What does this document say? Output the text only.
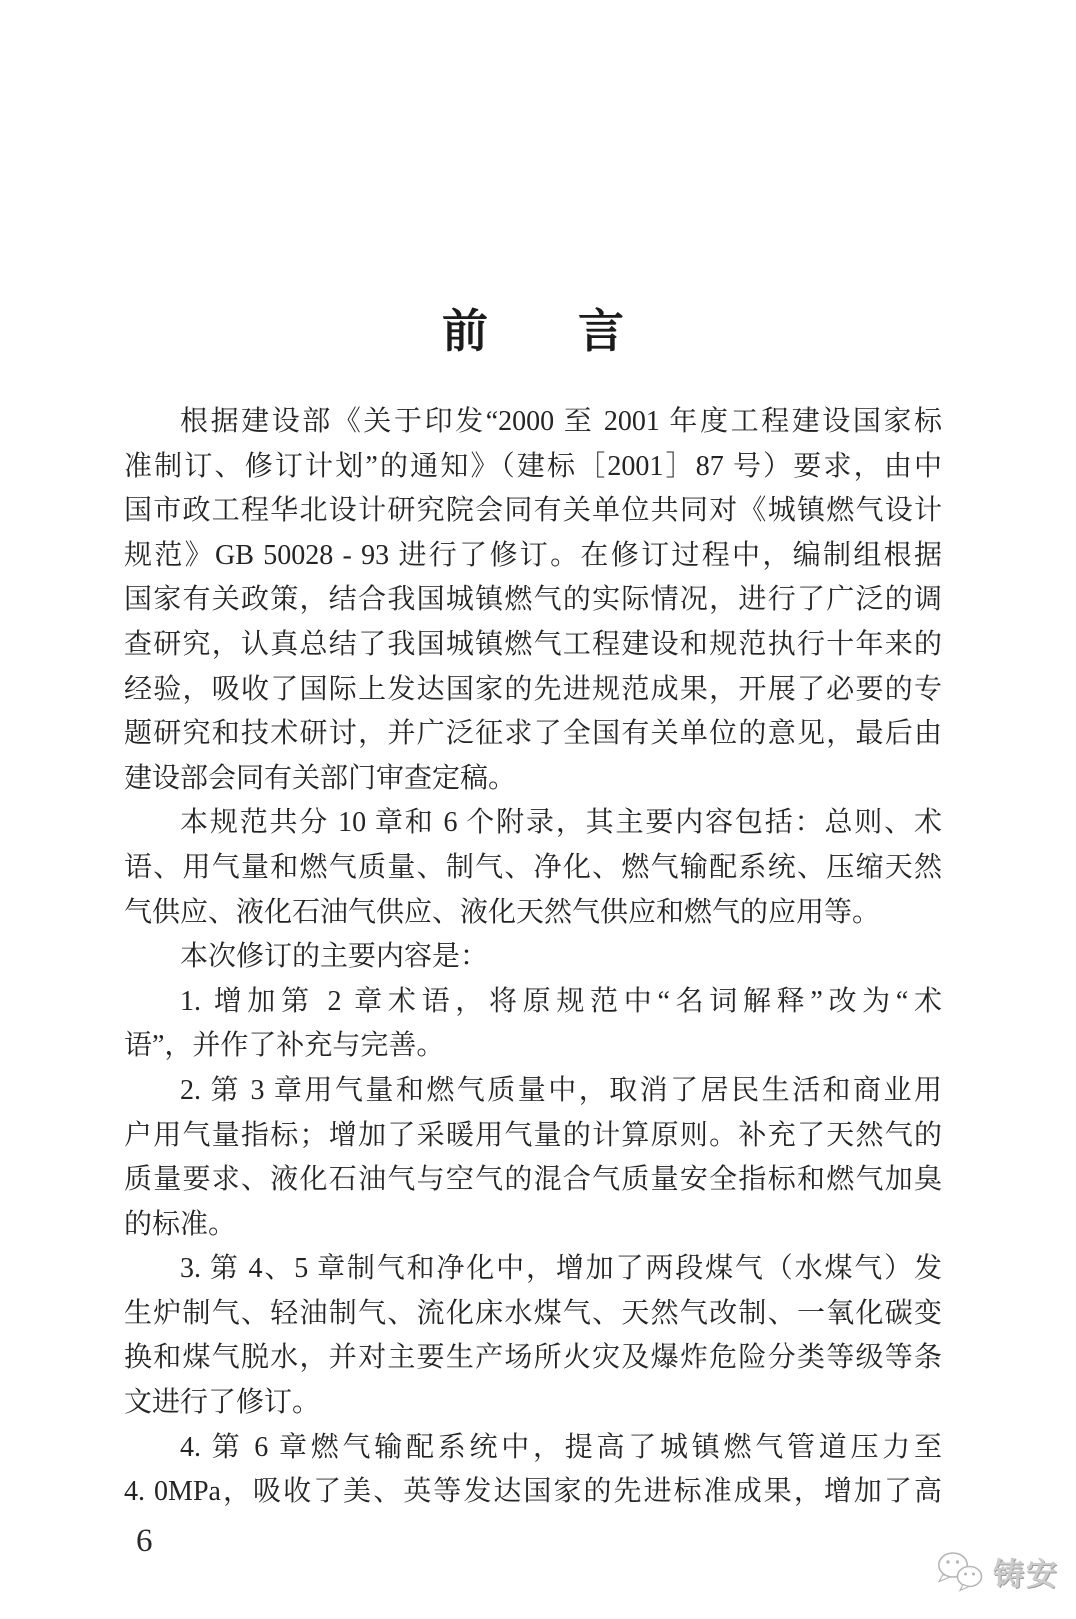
前　言
根据建设部《关于印发“2000 至 2001 年度工程建设国家标
准制订、修订计划”的通知》（建标［2001］87 号）要求，由中
国市政工程华北设计研究院会同有关单位共同对《城镇燃气设计
规范》GB 50028 - 93 进行了修订。在修订过程中，编制组根据
国家有关政策，结合我国城镇燃气的实际情况，进行了广泛的调
查研究，认真总结了我国城镇燃气工程建设和规范执行十年来的
经验，吸收了国际上发达国家的先进规范成果，开展了必要的专
题研究和技术研讨，并广泛征求了全国有关单位的意见，最后由
建设部会同有关部门审查定稿。
本规范共分 10 章和 6 个附录，其主要内容包括：总则、术
语、用气量和燃气质量、制气、净化、燃气输配系统、压缩天然
气供应、液化石油气供应、液化天然气供应和燃气的应用等。
本次修订的主要内容是：
1. 增加第 2 章术语，将原规范中“名词解释”改为“术
语”，并作了补充与完善。
2. 第 3 章用气量和燃气质量中，取消了居民生活和商业用
户用气量指标；增加了采暖用气量的计算原则。补充了天然气的
质量要求、液化石油气与空气的混合气质量安全指标和燃气加臭
的标准。
3. 第 4、5 章制气和净化中，增加了两段煤气（水煤气）发
生炉制气、轻油制气、流化床水煤气、天然气改制、一氧化碳变
换和煤气脱水，并对主要生产场所火灾及爆炸危险分类等级等条
文进行了修订。
4. 第 6 章燃气输配系统中，提高了城镇燃气管道压力至
4. 0MPa，吸收了美、英等发达国家的先进标准成果，增加了高
6
铸安
